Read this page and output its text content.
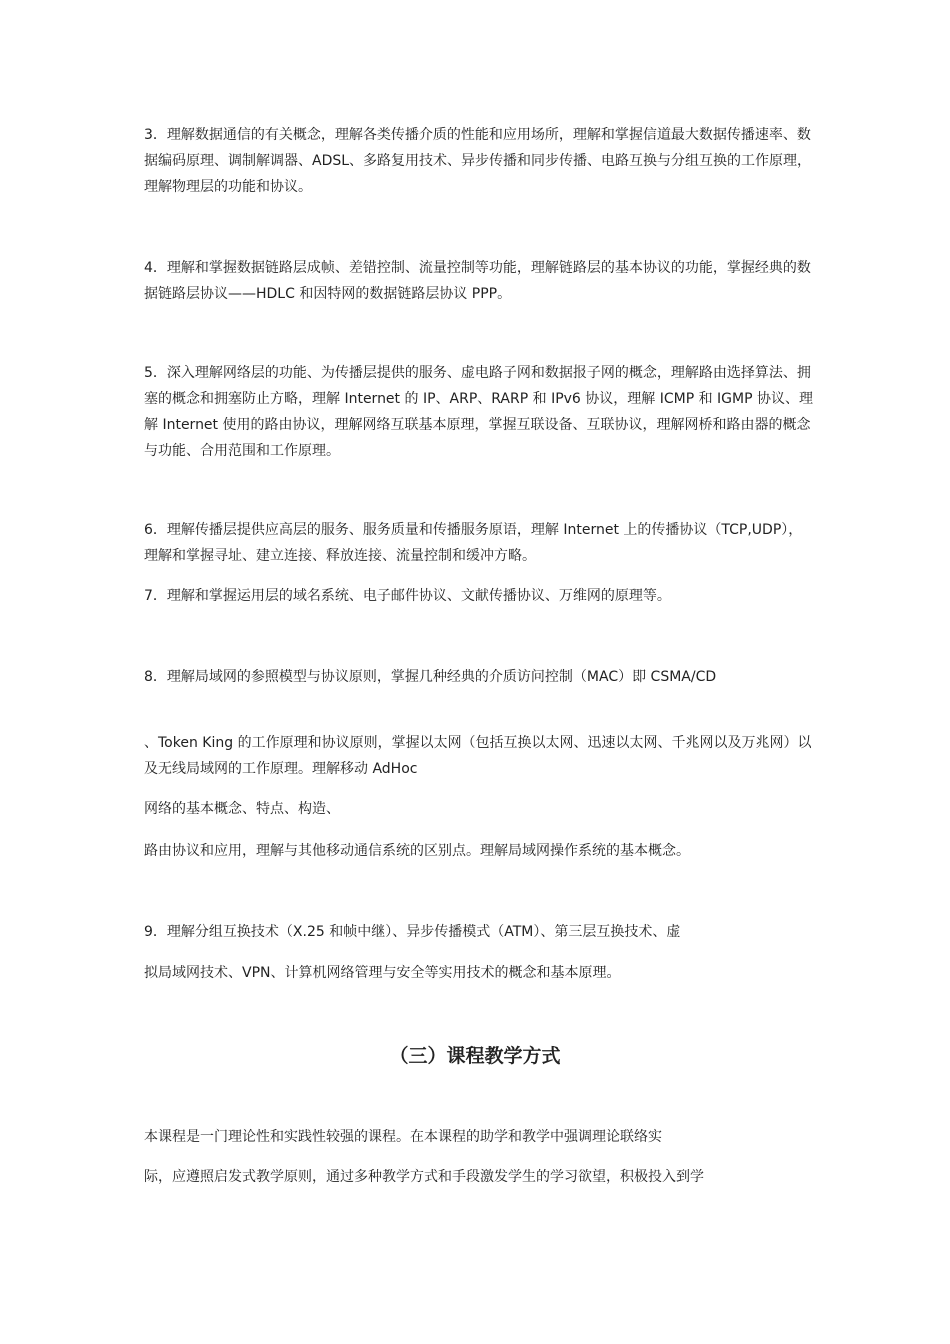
3．理解数据通信的有关概念，理解各类传播介质的性能和应用场所，理解和掌握信道最大数据传播速率、数据编码原理、调制解调器、ADSL、多路复用技术、异步传播和同步传播、电路互换与分组互换的工作原理，理解物理层的功能和协议。

4．理解和掌握数据链路层成帧、差错控制、流量控制等功能，理解链路层的基本协议的功能，掌握经典的数据链路层协议——HDLC 和因特网的数据链路层协议 PPP。

5．深入理解网络层的功能、为传播层提供的服务、虚电路子网和数据报子网的概念，理解路由选择算法、拥塞的概念和拥塞防止方略，理解 Internet 的 IP、ARP、RARP 和 IPv6 协议，理解 ICMP 和 IGMP 协议、理解 Internet 使用的路由协议，理解网络互联基本原理，掌握互联设备、互联协议，理解网桥和路由器的概念与功能、合用范围和工作原理。

6．理解传播层提供应高层的服务、服务质量和传播服务原语，理解 Internet 上的传播协议（TCP,UDP），理解和掌握寻址、建立连接、释放连接、流量控制和缓冲方略。

7．理解和掌握运用层的域名系统、电子邮件协议、文献传播协议、万维网的原理等。

8．理解局域网的参照模型与协议原则，掌握几种经典的介质访问控制（MAC）即 CSMA/CD

、Token King 的工作原理和协议原则，掌握以太网（包括互换以太网、迅速以太网、千兆网以及万兆网）以及无线局域网的工作原理。理解移动 AdHoc

网络的基本概念、特点、构造、

路由协议和应用，理解与其他移动通信系统的区别点。理解局域网操作系统的基本概念。

9．理解分组互换技术（X.25 和帧中继）、异步传播模式（ATM）、第三层互换技术、虚

拟局域网技术、VPN、计算机网络管理与安全等实用技术的概念和基本原理。

（三）课程教学方式

本课程是一门理论性和实践性较强的课程。在本课程的助学和教学中强调理论联络实

际，应遵照启发式教学原则，通过多种教学方式和手段激发学生的学习欲望，积极投入到学
